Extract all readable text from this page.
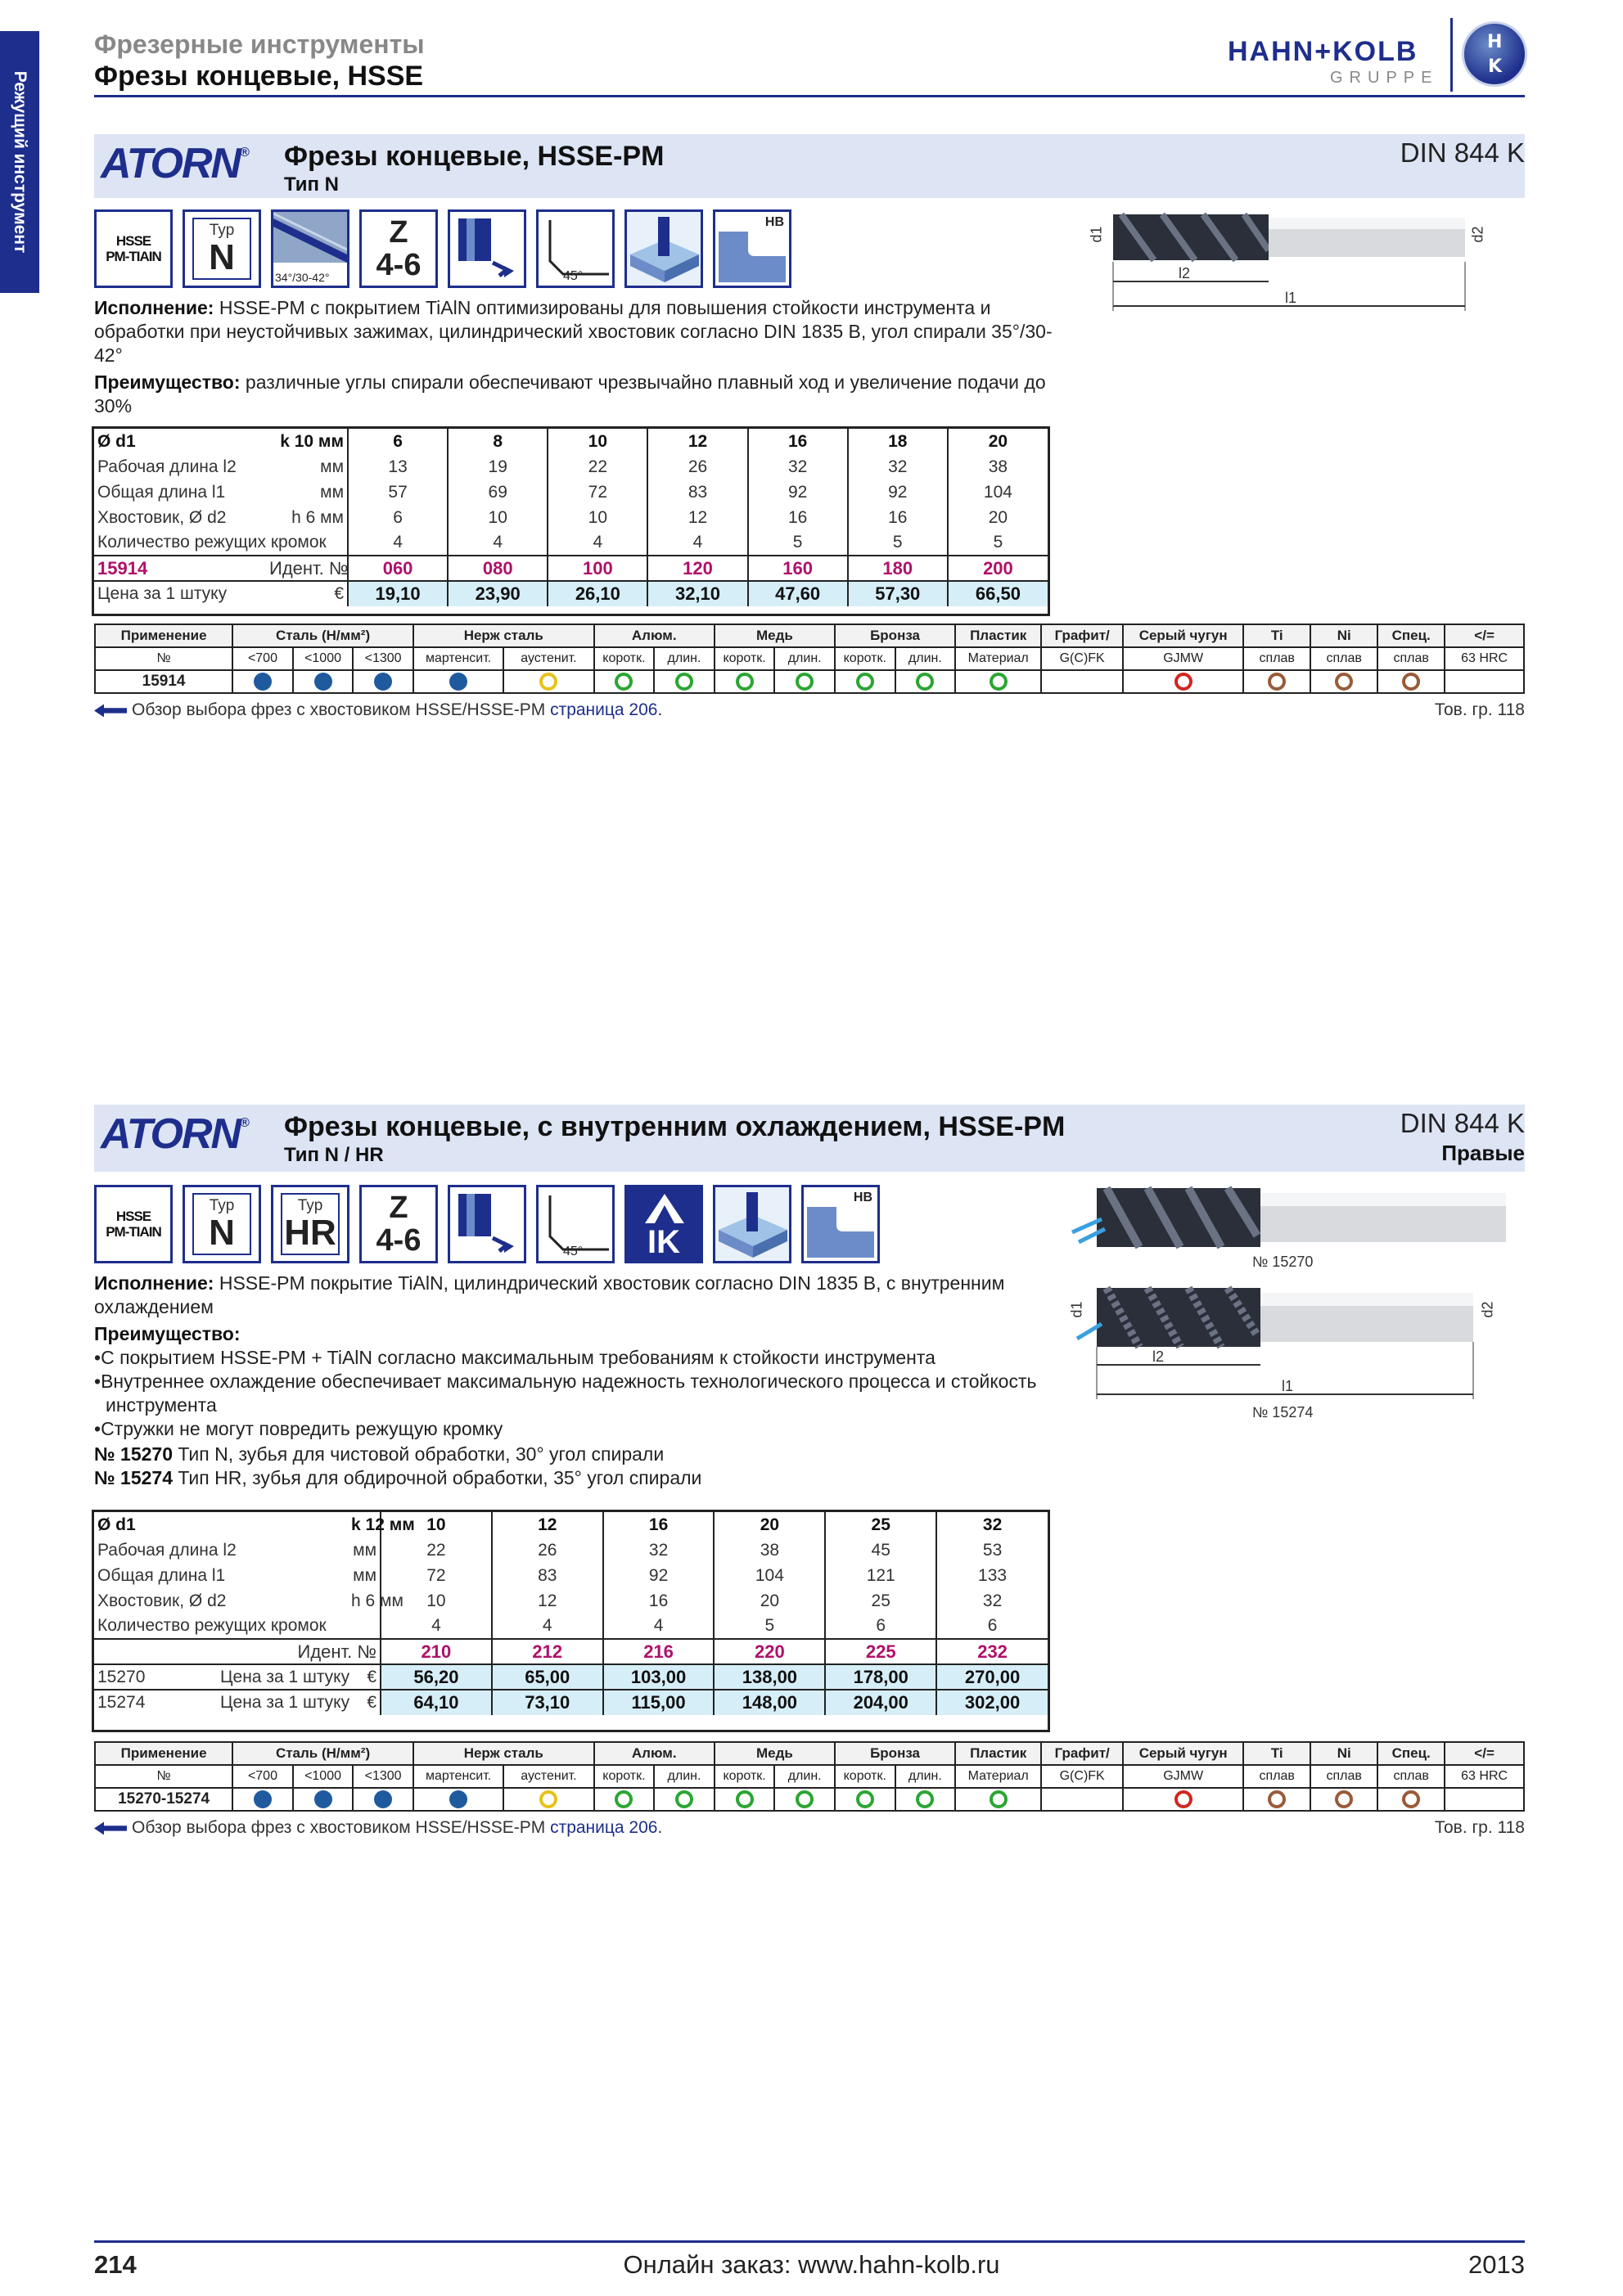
Режущий инструмент
Фрезерные инструменты
Фрезы концевые, HSSE
HAHN+KOLB
GRUPPE
H
K
ATORN® Фрезы концевые, HSSE-PM
Тип N
DIN 844 K
HSSE
PM-TIAIN
Typ
N	34°/30-42°
Z
4-6	45°
HB
d1	d2
l2
l1

Исполнение: HSSE-PM с покрытием TiAlN оптимизированы для повышения стойкости инструмента и обработки при неустойчивых зажимах, цилиндрический хвостовик согласно DIN 1835 B, угол спирали 35°/30-42°

Преимущество: различные углы спирали обеспечивают чрезвычайно плавный ход и увеличение подачи до 30%

Ø d1	k 10 мм	6	8	10	12	16	18	20
Рабочая длина l2	мм	13	19	22	26	32	32	38
Общая длина l1	мм	57	69	72	83	92	92	104
Хвостовик, Ø d2	h 6 мм	6	10	10	12	16	16	20
Количество режущих кромок		4	4	4	4	5	5	5
15914	Идент. №	060	080	100	120	160	180	200
Цена за 1 штуку	€	19,10	23,90	26,10	32,10	47,60	57,30	66,50
Применение	Сталь (Н/мм²)			Нерж сталь		Алюм.		Медь		Бронза		Пластик	Графит/	Серый чугун	Ti	Ni	Спец.	</=
№	<700	<1000	<1300	мартенсит.	аустенит.	коротк.	длин.	коротк.	длин.	коротк.	длин.	Материал	G(C)FK	GJMW	сплав	сплав	сплав	63 HRC
15914																		
Обзор выбора фрез с хвостовиком HSSE/HSSE-PM страница 206.	Тов. гр. 118
ATORN® Фрезы концевые, с внутренним охлаждением, HSSE-PM
Тип N / HR
DIN 844 K
Правые
HSSE
PM-TIAIN
Typ
N
Typ
HR
Z
4-6	45° IK
HB
№ 15270
d1	d2
l2
l1
№ 15274

Исполнение: HSSE-PM покрытие TiAlN, цилиндрический хвостовик согласно DIN 1835 B, с внутренним охлаждением

Преимущество:

•С покрытием HSSE-PM + TiAlN согласно максимальным требованиям к стойкости инструмента
•Внутреннее охлаждение обеспечивает максимальную надежность технологического процесса и стойкость инструмента
•Стружки не могут повредить режущую кромку
№ 15270 Тип N, зубья для чистовой обработки, 30° угол спирали
№ 15274 Тип HR, зубья для обдирочной обработки, 35° угол спирали
Ø d1		k 12 мм	10	12	16	20	25	32
Рабочая длина l2		мм	22	26	32	38	45	53
Общая длина l1		мм	72	83	92	104	121	133
Хвостовик, Ø d2		h 6 мм	10	12	16	20	25	32
Количество режущих кромок			4	4	4	5	6	6
	Идент. №		210	212	216	220	225	232
15270	Цена за 1 штуку	€	56,20	65,00	103,00	138,00	178,00	270,00
15274	Цена за 1 штуку	€	64,10	73,10	115,00	148,00	204,00	302,00
Применение	Сталь (Н/мм²)			Нерж сталь		Алюм.		Медь		Бронза		Пластик	Графит/	Серый чугун	Ti	Ni	Спец.	</=
№	<700	<1000	<1300	мартенсит.	аустенит.	коротк.	длин.	коротк.	длин.	коротк.	длин.	Материал	G(C)FK	GJMW	сплав	сплав	сплав	63 HRC
15270-15274																		
Обзор выбора фрез с хвостовиком HSSE/HSSE-PM страница 206.	Тов. гр. 118
214	Онлайн заказ: www.hahn-kolb.ru	2013
